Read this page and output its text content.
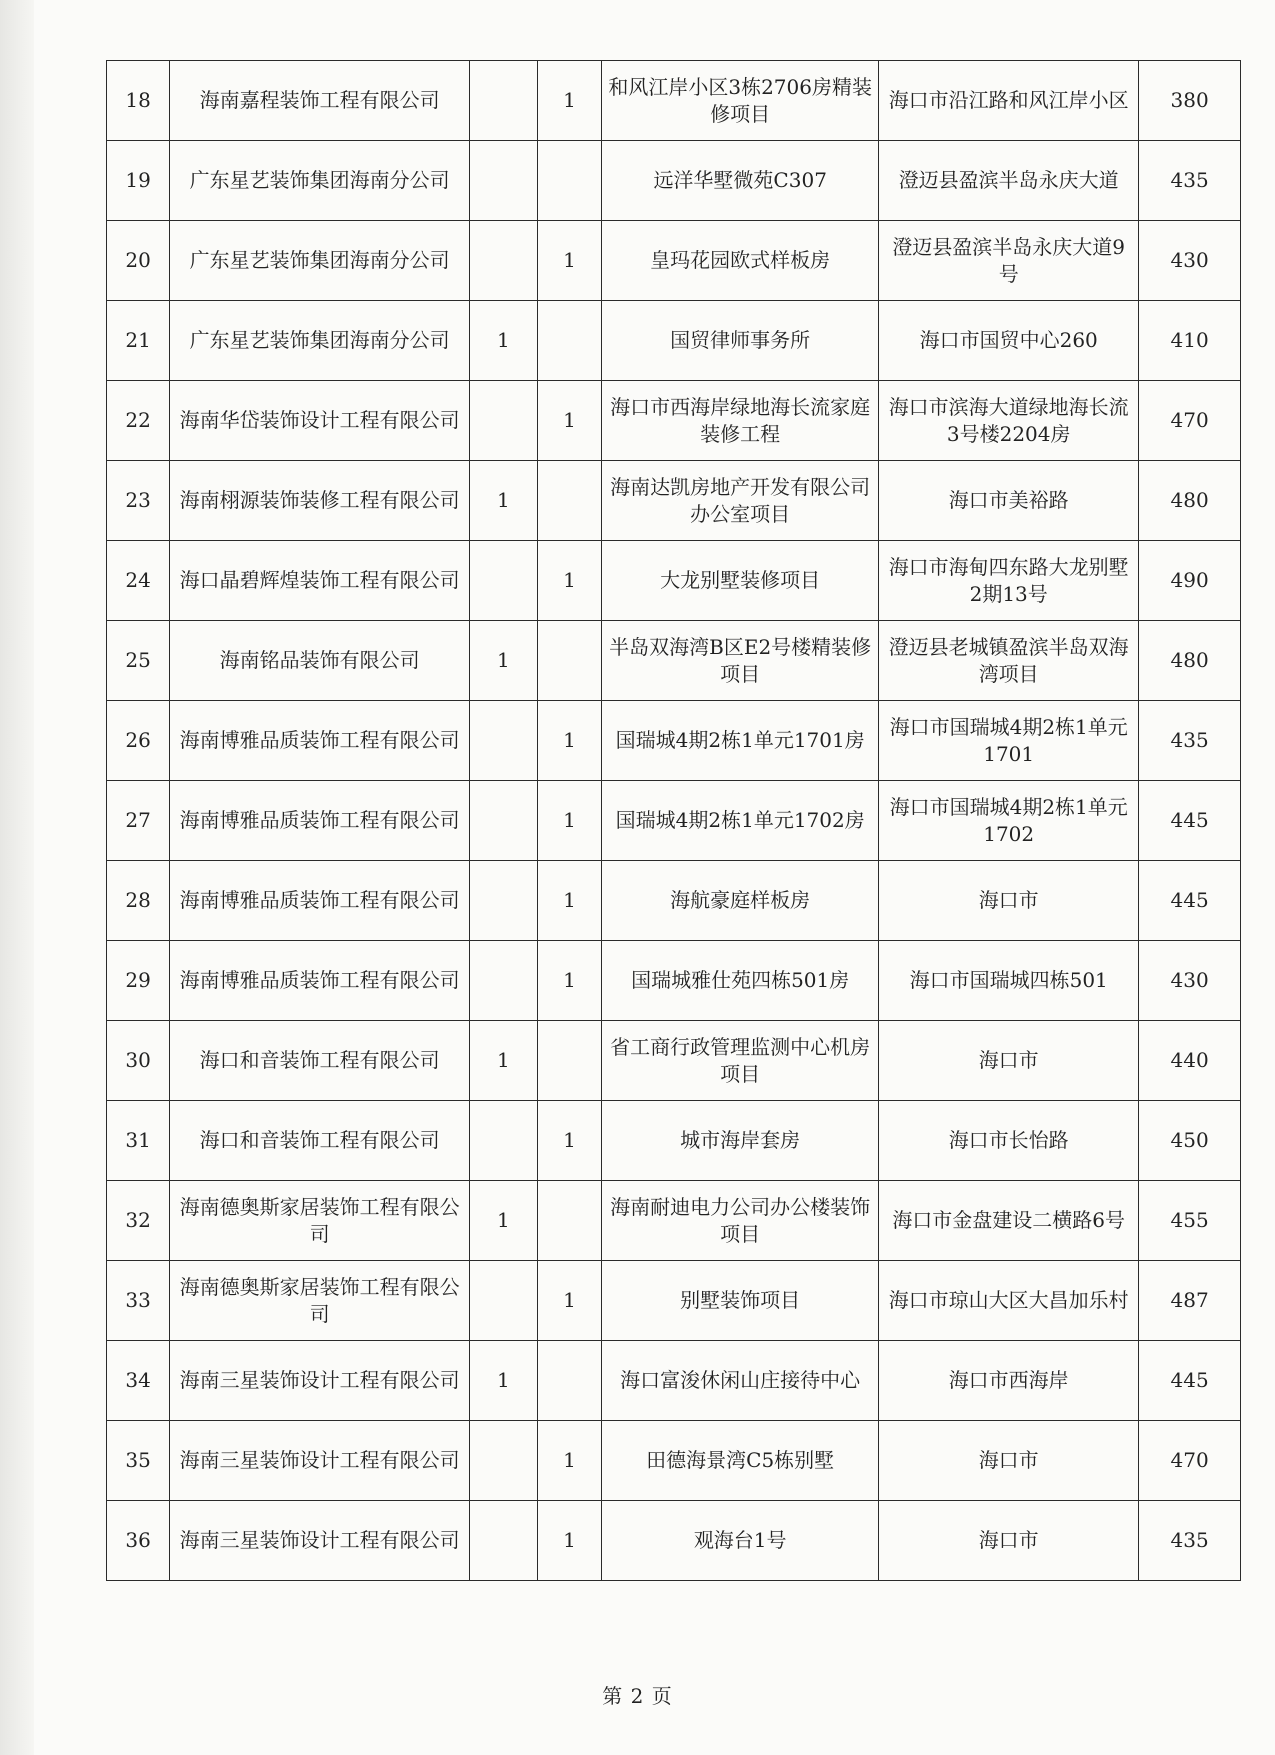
18	海南嘉程装饰工程有限公司		1	和风江岸小区3栋2706房精装修项目	海口市沿江路和风江岸小区	380
19	广东星艺装饰集团海南分公司			远洋华墅微苑C307	澄迈县盈滨半岛永庆大道	435
20	广东星艺装饰集团海南分公司		1	皇玛花园欧式样板房	澄迈县盈滨半岛永庆大道9号	430
21	广东星艺装饰集团海南分公司	1		国贸律师事务所	海口市国贸中心260	410
22	海南华岱装饰设计工程有限公司		1	海口市西海岸绿地海长流家庭装修工程	海口市滨海大道绿地海长流3号楼2204房	470
23	海南栩源装饰装修工程有限公司	1		海南达凯房地产开发有限公司办公室项目	海口市美裕路	480
24	海口晶碧辉煌装饰工程有限公司		1	大龙别墅装修项目	海口市海甸四东路大龙别墅2期13号	490
25	海南铭品装饰有限公司	1		半岛双海湾B区E2号楼精装修项目	澄迈县老城镇盈滨半岛双海湾项目	480
26	海南博雅品质装饰工程有限公司		1	国瑞城4期2栋1单元1701房	海口市国瑞城4期2栋1单元1701	435
27	海南博雅品质装饰工程有限公司		1	国瑞城4期2栋1单元1702房	海口市国瑞城4期2栋1单元1702	445
28	海南博雅品质装饰工程有限公司		1	海航豪庭样板房	海口市	445
29	海南博雅品质装饰工程有限公司		1	国瑞城雅仕苑四栋501房	海口市国瑞城四栋501	430
30	海口和音装饰工程有限公司	1		省工商行政管理监测中心机房项目	海口市	440
31	海口和音装饰工程有限公司		1	城市海岸套房	海口市长怡路	450
32	海南德奥斯家居装饰工程有限公司	1		海南耐迪电力公司办公楼装饰项目	海口市金盘建设二横路6号	455
33	海南德奥斯家居装饰工程有限公司		1	别墅装饰项目	海口市琼山大区大昌加乐村	487
34	海南三星装饰设计工程有限公司	1		海口富浚休闲山庄接待中心	海口市西海岸	445
35	海南三星装饰设计工程有限公司		1	田德海景湾C5栋别墅	海口市	470
36	海南三星装饰设计工程有限公司		1	观海台1号	海口市	435
第 2 页
